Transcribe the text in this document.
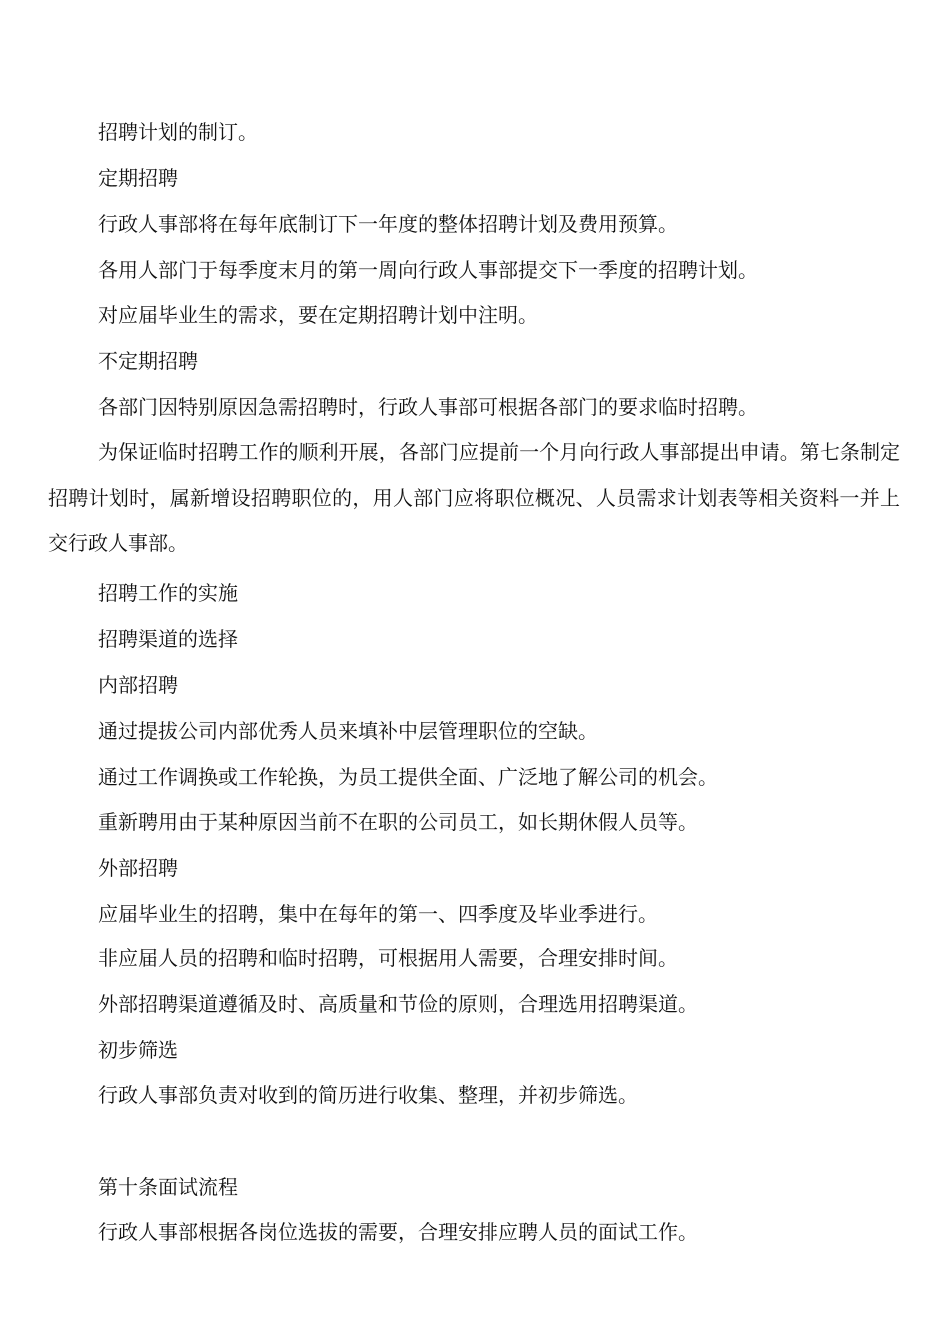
招聘计划的制订。

定期招聘

行政人事部将在每年底制订下一年度的整体招聘计划及费用预算。

各用人部门于每季度末月的第一周向行政人事部提交下一季度的招聘计划。

对应届毕业生的需求，要在定期招聘计划中注明。

不定期招聘

各部门因特别原因急需招聘时，行政人事部可根据各部门的要求临时招聘。

为保证临时招聘工作的顺利开展，各部门应提前一个月向行政人事部提出申请。第七条制定招聘计划时，属新增设招聘职位的，用人部门应将职位概况、人员需求计划表等相关资料一并上交行政人事部。

招聘工作的实施

招聘渠道的选择

内部招聘

通过提拔公司内部优秀人员来填补中层管理职位的空缺。

通过工作调换或工作轮换，为员工提供全面、广泛地了解公司的机会。

重新聘用由于某种原因当前不在职的公司员工，如长期休假人员等。

外部招聘

应届毕业生的招聘，集中在每年的第一、四季度及毕业季进行。

非应届人员的招聘和临时招聘，可根据用人需要，合理安排时间。

外部招聘渠道遵循及时、高质量和节俭的原则，合理选用招聘渠道。

初步筛选

行政人事部负责对收到的简历进行收集、整理，并初步筛选。

第十条面试流程

行政人事部根据各岗位选拔的需要，合理安排应聘人员的面试工作。
